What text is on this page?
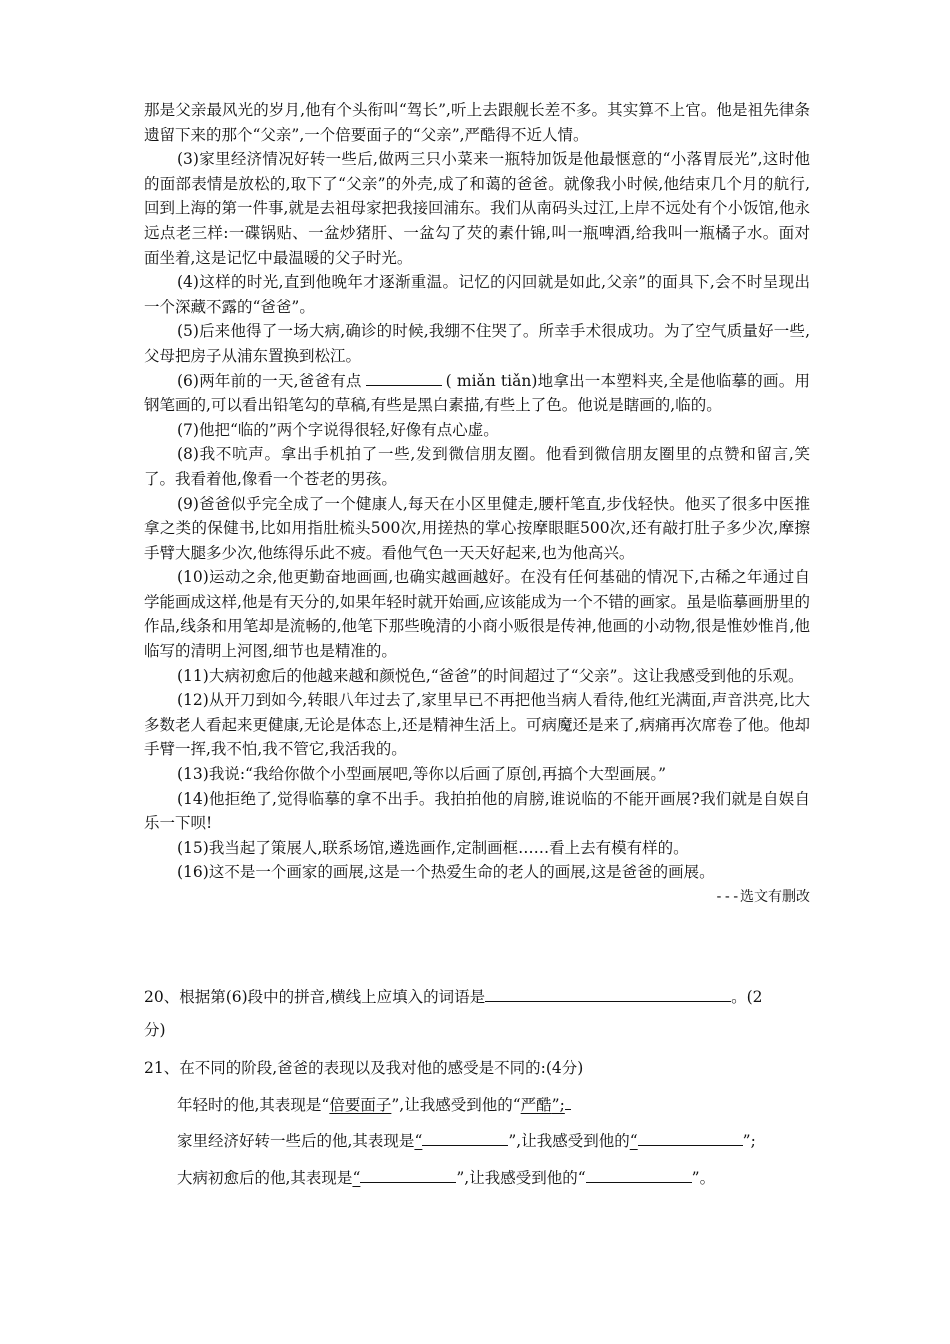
那是父亲最风光的岁月,他有个头衔叫“驾长”,听上去跟舰长差不多。其实算不上官。他是祖先律条遗留下来的那个“父亲”,一个倍要面子的“父亲”,严酷得不近人情。

(3)家里经济情况好转一些后,做两三只小菜来一瓶特加饭是他最惬意的“小落胃辰光”,这时他的面部表情是放松的,取下了“父亲”的外壳,成了和蔼的爸爸。就像我小时候,他结束几个月的航行,回到上海的第一件事,就是去祖母家把我接回浦东。我们从南码头过江,上岸不远处有个小饭馆,他永远点老三样:一碟锅贴、一盆炒猪肝、一盆勾了芡的素什锦,叫一瓶啤酒,给我叫一瓶橘子水。面对面坐着,这是记忆中最温暖的父子时光。

(4)这样的时光,直到他晚年才逐渐重温。记忆的闪回就是如此,父亲”的面具下,会不时呈现出一个深藏不露的“爸爸”。

(5)后来他得了一场大病,确诊的时候,我绷不住哭了。所幸手术很成功。为了空气质量好一些,父母把房子从浦东置换到松江。

(6)两年前的一天,爸爸有点	( miǎn tiǎn)地拿出一本塑料夹,全是他临摹的画。用钢笔画的,可以看出铅笔勾的草稿,有些是黑白素描,有些上了色。他说是瞎画的,临的。

(7)他把“临的”两个字说得很轻,好像有点心虚。

(8)我不吭声。拿出手机拍了一些,发到微信朋友圈。他看到微信朋友圈里的点赞和留言,笑了。我看着他,像看一个苍老的男孩。

(9)爸爸似乎完全成了一个健康人,每天在小区里健走,腰杆笔直,步伐轻快。他买了很多中医推拿之类的保健书,比如用指肚梳头500次,用搓热的掌心按摩眼眶500次,还有敲打肚子多少次,摩擦手臂大腿多少次,他练得乐此不疲。看他气色一天天好起来,也为他高兴。

(10)运动之余,他更勤奋地画画,也确实越画越好。在没有任何基础的情况下,古稀之年通过自学能画成这样,他是有天分的,如果年轻时就开始画,应该能成为一个不错的画家。虽是临摹画册里的作品,线条和用笔却是流畅的,他笔下那些晚清的小商小贩很是传神,他画的小动物,很是惟妙惟肖,他临写的清明上河图,细节也是精准的。

(11)大病初愈后的他越来越和颜悦色,“爸爸”的时间超过了“父亲”。这让我感受到他的乐观。

(12)从开刀到如今,转眼八年过去了,家里早已不再把他当病人看待,他红光满面,声音洪亮,比大多数老人看起来更健康,无论是体态上,还是精神生活上。可病魔还是来了,病痛再次席卷了他。他却手臂一挥,我不怕,我不管它,我活我的。

(13)我说:“我给你做个小型画展吧,等你以后画了原创,再搞个大型画展。”

(14)他拒绝了,觉得临摹的拿不出手。我拍拍他的肩膀,谁说临的不能开画展?我们就是自娱自乐一下呗!

(15)我当起了策展人,联系场馆,遴选画作,定制画框……看上去有模有样的。

(16)这不是一个画家的画展,这是一个热爱生命的老人的画展,这是爸爸的画展。

---选文有删改

20、根据第(6)段中的拼音,横线上应填入的词语是	。(2
分)
21、在不同的阶段,爸爸的表现以及我对他的感受是不同的:(4分)
年轻时的他,其表现是“倍要面子”,让我感受到他的“严酷”;
家里经济好转一些后的他,其表现是“	”,让我感受到他的“	”;
大病初愈后的他,其表现是“	”,让我感受到他的“	”。
